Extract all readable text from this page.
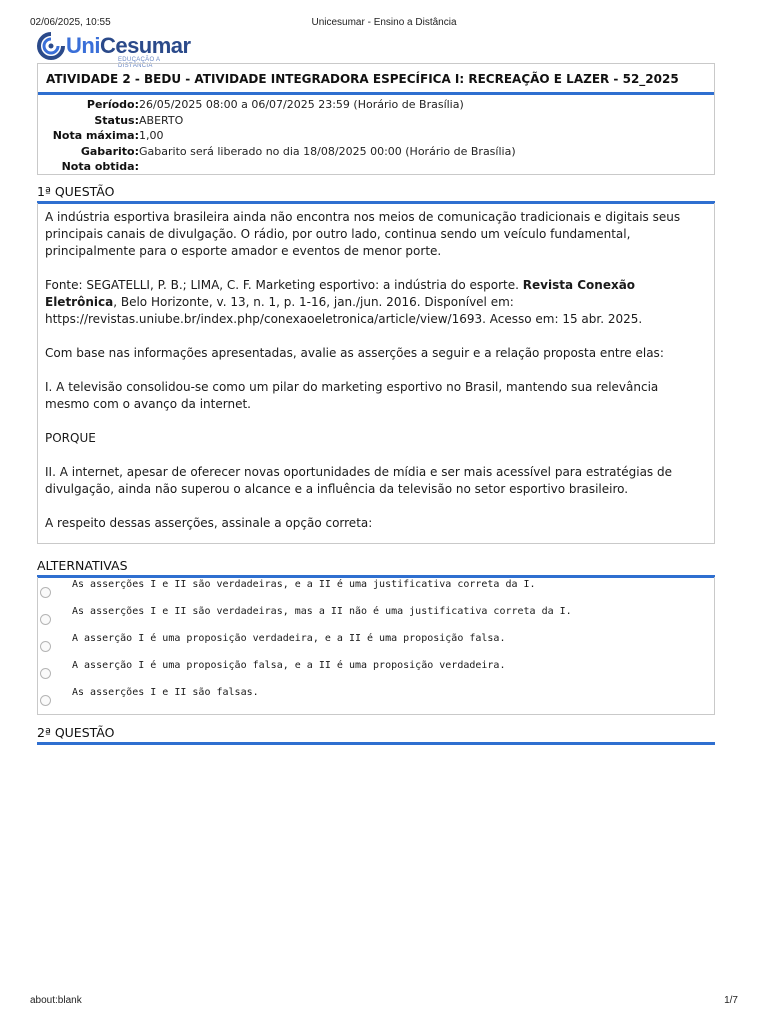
02/06/2025, 10:55	Unicesumar - Ensino a Distância
UniCesumar
EDUCAÇÃO A DISTÂNCIA
ATIVIDADE 2 - BEDU - ATIVIDADE INTEGRADORA ESPECÍFICA I: RECREAÇÃO E LAZER - 52_2025
Período: 26/05/2025 08:00 a 06/07/2025 23:59 (Horário de Brasília)
Status: ABERTO
Nota máxima: 1,00
Gabarito: Gabarito será liberado no dia 18/08/2025 00:00 (Horário de Brasília)
Nota obtida:
1ª QUESTÃO

A indústria esportiva brasileira ainda não encontra nos meios de comunicação tradicionais e digitais seus principais canais de divulgação. O rádio, por outro lado, continua sendo um veículo fundamental, principalmente para o esporte amador e eventos de menor porte.

Fonte: SEGATELLI, P. B.; LIMA, C. F. Marketing esportivo: a indústria do esporte. Revista Conexão Eletrônica, Belo Horizonte, v. 13, n. 1, p. 1-16, jan./jun. 2016. Disponível em: https://revistas.uniube.br/index.php/conexaoeletronica/article/view/1693. Acesso em: 15 abr. 2025.

Com base nas informações apresentadas, avalie as asserções a seguir e a relação proposta entre elas:

I. A televisão consolidou-se como um pilar do marketing esportivo no Brasil, mantendo sua relevância mesmo com o avanço da internet.

PORQUE

II. A internet, apesar de oferecer novas oportunidades de mídia e ser mais acessível para estratégias de divulgação, ainda não superou o alcance e a influência da televisão no setor esportivo brasileiro.

A respeito dessas asserções, assinale a opção correta:

ALTERNATIVAS
As asserções I e II são verdadeiras, e a II é uma justificativa correta da I.
As asserções I e II são verdadeiras, mas a II não é uma justificativa correta da I.
A asserção I é uma proposição verdadeira, e a II é uma proposição falsa.
A asserção I é uma proposição falsa, e a II é uma proposição verdadeira.
As asserções I e II são falsas.
2ª QUESTÃO
about:blank	1/7
